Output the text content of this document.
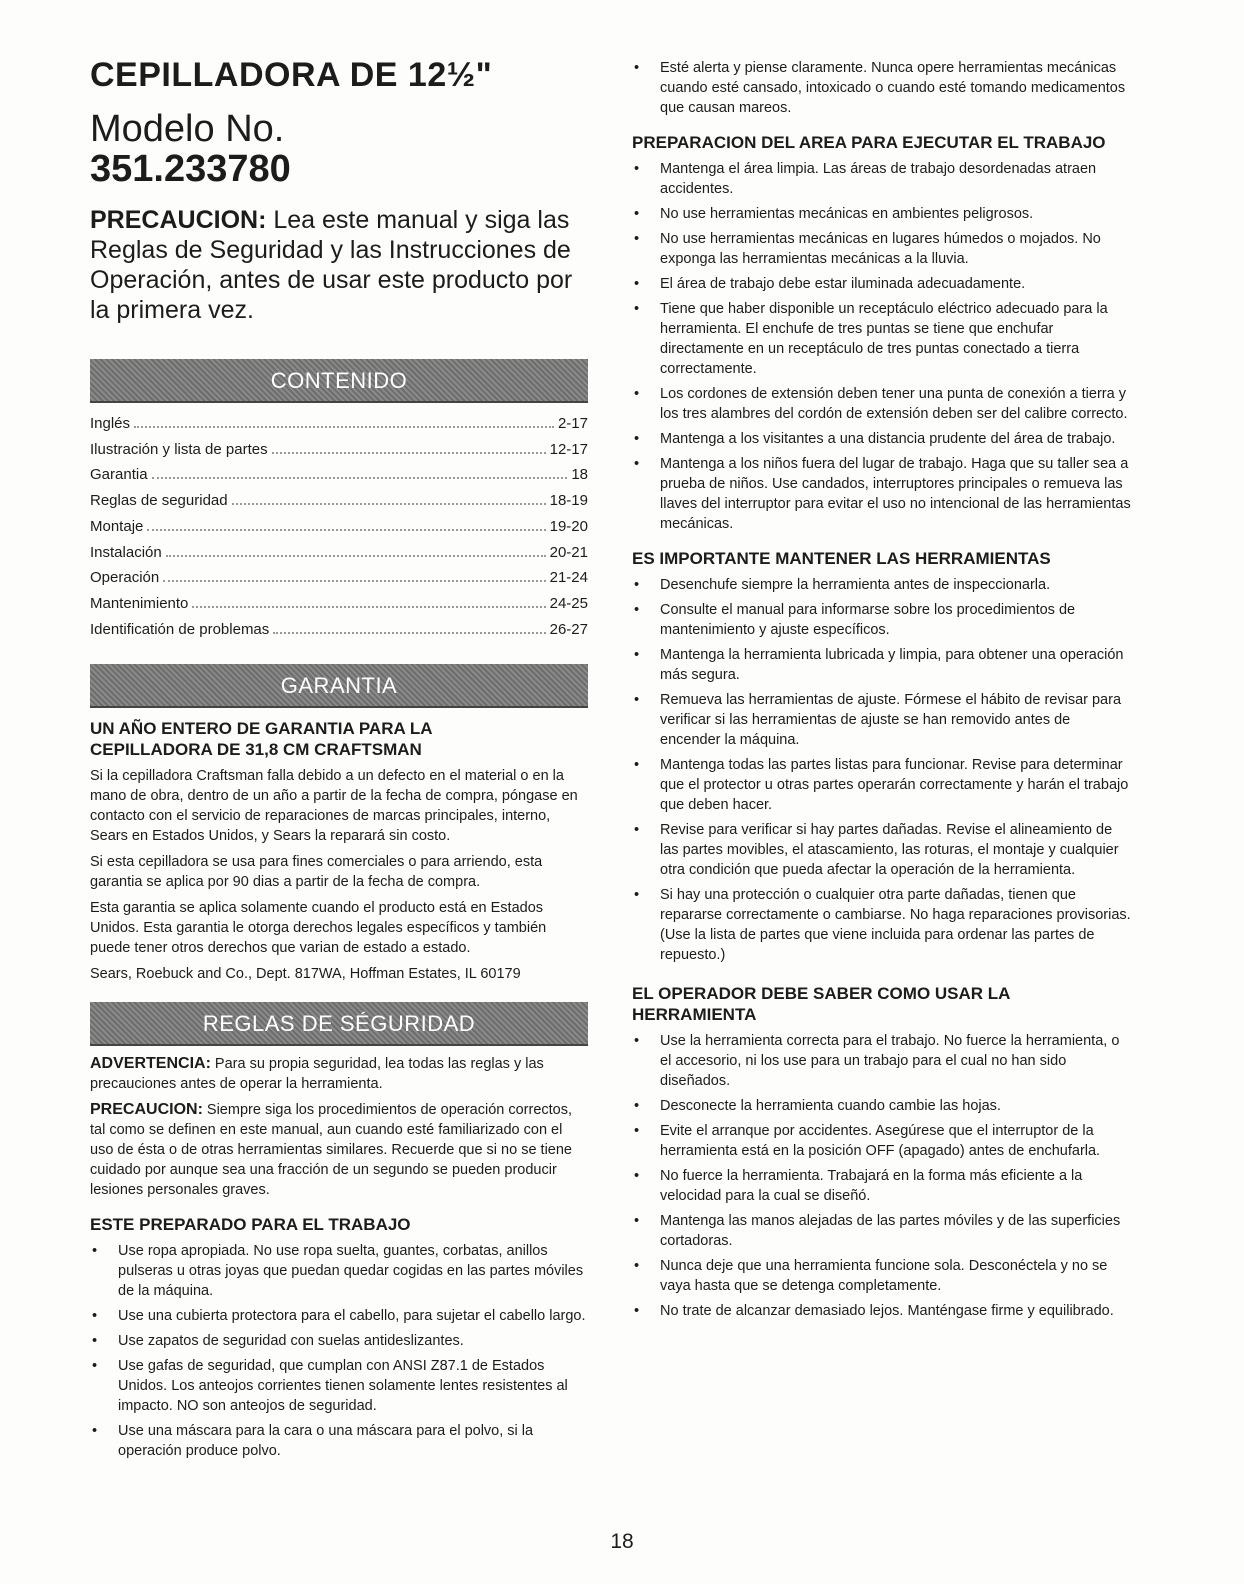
CEPILLADORA DE 12½"
Modelo No.
351.233780
PRECAUCION: Lea este manual y siga las Reglas de Seguridad y las Instrucciones de Operación, antes de usar este producto por la primera vez.
CONTENIDO
Inglés	2-17
Ilustración y lista de partes	12-17
Garantia	18
Reglas de seguridad	18-19
Montaje	19-20
Instalación	20-21
Operación	21-24
Mantenimiento	24-25
Identificatión de problemas	26-27
GARANTIA
UN AÑO ENTERO DE GARANTIA PARA LA CEPILLADORA DE 31,8 CM CRAFTSMAN

Si la cepilladora Craftsman falla debido a un defecto en el material o en la mano de obra, dentro de un año a partir de la fecha de compra, póngase en contacto con el servicio de reparaciones de marcas principales, interno, Sears en Estados Unidos, y Sears la reparará sin costo.

Si esta cepilladora se usa para fines comerciales o para arriendo, esta garantia se aplica por 90 dias a partir de la fecha de compra.

Esta garantia se aplica solamente cuando el producto está en Estados Unidos. Esta garantia le otorga derechos legales específicos y también puede tener otros derechos que varian de estado a estado.

Sears, Roebuck and Co., Dept. 817WA, Hoffman Estates, IL 60179

REGLAS DE SÉGURIDAD

ADVERTENCIA: Para su propia seguridad, lea todas las reglas y las precauciones antes de operar la herramienta.

PRECAUCION: Siempre siga los procedimientos de operación correctos, tal como se definen en este manual, aun cuando esté familiarizado con el uso de ésta o de otras herramientas similares. Recuerde que si no se tiene cuidado por aunque sea una fracción de un segundo se pueden producir lesiones personales graves.

ESTE PREPARADO PARA EL TRABAJO
• Use ropa apropiada. No use ropa suelta, guantes, corbatas, anillos pulseras u otras joyas que puedan quedar cogidas en las partes móviles de la máquina.
• Use una cubierta protectora para el cabello, para sujetar el cabello largo.
• Use zapatos de seguridad con suelas antideslizantes.
• Use gafas de seguridad, que cumplan con ANSI Z87.1 de Estados Unidos. Los anteojos corrientes tienen solamente lentes resistentes al impacto. NO son anteojos de seguridad.
• Use una máscara para la cara o una máscara para el polvo, si la operación produce polvo.
• Esté alerta y piense claramente. Nunca opere herramientas mecánicas cuando esté cansado, intoxicado o cuando esté tomando medicamentos que causan mareos.
PREPARACION DEL AREA PARA EJECUTAR EL TRABAJO
• Mantenga el área limpia. Las áreas de trabajo desordenadas atraen accidentes.
• No use herramientas mecánicas en ambientes peligrosos.
• No use herramientas mecánicas en lugares húmedos o mojados. No exponga las herramientas mecánicas a la lluvia.
• El área de trabajo debe estar iluminada adecuadamente.
• Tiene que haber disponible un receptáculo eléctrico adecuado para la herramienta. El enchufe de tres puntas se tiene que enchufar directamente en un receptáculo de tres puntas conectado a tierra correctamente.
• Los cordones de extensión deben tener una punta de conexión a tierra y los tres alambres del cordón de extensión deben ser del calibre correcto.
• Mantenga a los visitantes a una distancia prudente del área de trabajo.
• Mantenga a los niños fuera del lugar de trabajo. Haga que su taller sea a prueba de niños. Use candados, interruptores principales o remueva las llaves del interruptor para evitar el uso no intencional de las herramientas mecánicas.
ES IMPORTANTE MANTENER LAS HERRAMIENTAS
• Desenchufe siempre la herramienta antes de inspeccionarla.
• Consulte el manual para informarse sobre los procedimientos de mantenimiento y ajuste específicos.
• Mantenga la herramienta lubricada y limpia, para obtener una operación más segura.
• Remueva las herramientas de ajuste. Fórmese el hábito de revisar para verificar si las herramientas de ajuste se han removido antes de encender la máquina.
• Mantenga todas las partes listas para funcionar. Revise para determinar que el protector u otras partes operarán correctamente y harán el trabajo que deben hacer.
• Revise para verificar si hay partes dañadas. Revise el alineamiento de las partes movibles, el atascamiento, las roturas, el montaje y cualquier otra condición que pueda afectar la operación de la herramienta.
• Si hay una protección o cualquier otra parte dañadas, tienen que repararse correctamente o cambiarse. No haga reparaciones provisorias. (Use la lista de partes que viene incluida para ordenar las partes de repuesto.)
EL OPERADOR DEBE SABER COMO USAR LA HERRAMIENTA
• Use la herramienta correcta para el trabajo. No fuerce la herramienta, o el accesorio, ni los use para un trabajo para el cual no han sido diseñados.
• Desconecte la herramienta cuando cambie las hojas.
• Evite el arranque por accidentes. Asegúrese que el interruptor de la herramienta está en la posición OFF (apagado) antes de enchufarla.
• No fuerce la herramienta. Trabajará en la forma más eficiente a la velocidad para la cual se diseñó.
• Mantenga las manos alejadas de las partes móviles y de las superficies cortadoras.
• Nunca deje que una herramienta funcione sola. Desconéctela y no se vaya hasta que se detenga completamente.
• No trate de alcanzar demasiado lejos. Manténgase firme y equilibrado.
18
